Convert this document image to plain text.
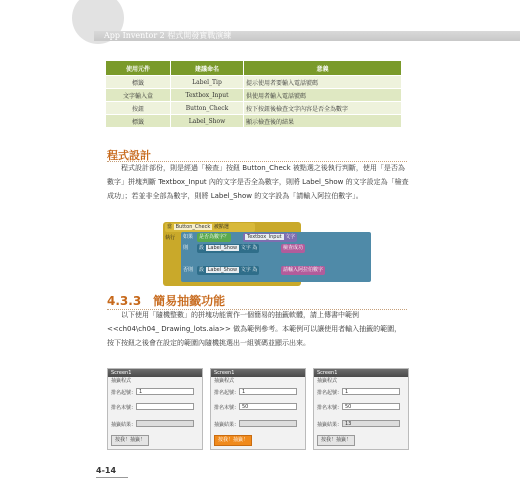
App Inventor 2 程式開發實戰演練
使用元件	建議命名	意義
標籤	Label_Tip	提示使用者要輸入電話號碼
文字輸入盒	Textbox_Input	供使用者輸入電話號碼
按鈕	Button_Check	按下按鈕後檢查文字內容是否全為數字
標籤	Label_Show	顯示檢查後的結果
程式設計

程式設計部份，則是經過「檢查」按鈕 Button_Check 被點選之後執行判斷，使用「是否為數字」拼塊判斷 Textbox_Input 內的文字是否全為數字，則將 Label_Show 的文字設定為「檢查成功」；若並非全部為數字，則將 Label_Show 的文字設為「請輸入阿拉伯數字」。

當 Button_Check 被點選
執行 如果	是否為數字？	Textbox_Input 文字
則	設 Label_Show 文字 為	檢查成功
否則	設 Label_Show 文字 為	請輸入阿拉伯數字
4.3.3　簡易抽籤功能

以下使用「隨機整數」的拼塊功能實作一個簡易的抽籤軟體，請上傳書中範例 <<ch04\ch04_ Drawing_lots.aia>> 做為範例參考。本範例可以讓使用者輸入抽籤的範圍，按下按鈕之後會在設定的範圍內隨機挑選出一組號碼並顯示出來。

Screen1
抽籤程式
排名起號： 1
排名末號：
抽籤結果：
按我！抽籤！
Screen1
抽籤程式
排名起號： 1
排名末號： 50
抽籤結果：
按我！抽籤！
Screen1
抽籤程式
排名起號： 1
排名末號： 50
抽籤結果： 13
按我！抽籤！
4-14
